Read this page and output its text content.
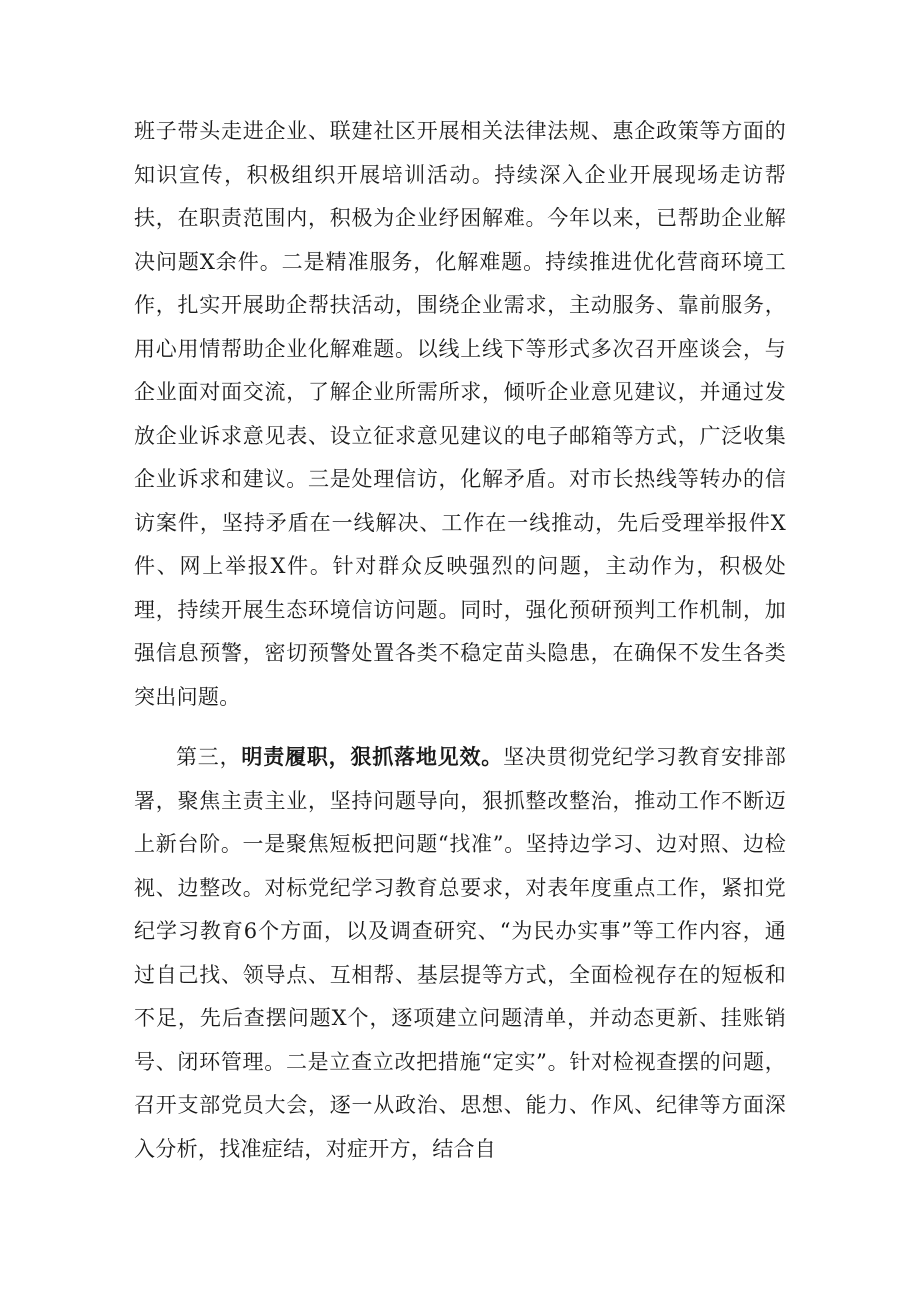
班子带头走进企业、联建社区开展相关法律法规、惠企政策等方面的知识宣传，积极组织开展培训活动。持续深入企业开展现场走访帮扶，在职责范围内，积极为企业纾困解难。今年以来，已帮助企业解决问题X余件。二是精准服务，化解难题。持续推进优化营商环境工作，扎实开展助企帮扶活动，围绕企业需求，主动服务、靠前服务，用心用情帮助企业化解难题。以线上线下等形式多次召开座谈会，与企业面对面交流，了解企业所需所求，倾听企业意见建议，并通过发放企业诉求意见表、设立征求意见建议的电子邮箱等方式，广泛收集企业诉求和建议。三是处理信访，化解矛盾。对市长热线等转办的信访案件，坚持矛盾在一线解决、工作在一线推动，先后受理举报件X件、网上举报X件。针对群众反映强烈的问题，主动作为，积极处理，持续开展生态环境信访问题。同时，强化预研预判工作机制，加强信息预警，密切预警处置各类不稳定苗头隐患，在确保不发生各类突出问题。

第三，明责履职，狠抓落地见效。坚决贯彻党纪学习教育安排部署，聚焦主责主业，坚持问题导向，狠抓整改整治，推动工作不断迈上新台阶。一是聚焦短板把问题“找准”。坚持边学习、边对照、边检视、边整改。对标党纪学习教育总要求，对表年度重点工作，紧扣党纪学习教育6个方面，以及调查研究、“为民办实事”等工作内容，通过自己找、领导点、互相帮、基层提等方式，全面检视存在的短板和不足，先后查摆问题X个，逐项建立问题清单，并动态更新、挂账销号、闭环管理。二是立查立改把措施“定实”。针对检视查摆的问题，召开支部党员大会，逐一从政治、思想、能力、作风、纪律等方面深入分析，找准症结，对症开方，结合自
